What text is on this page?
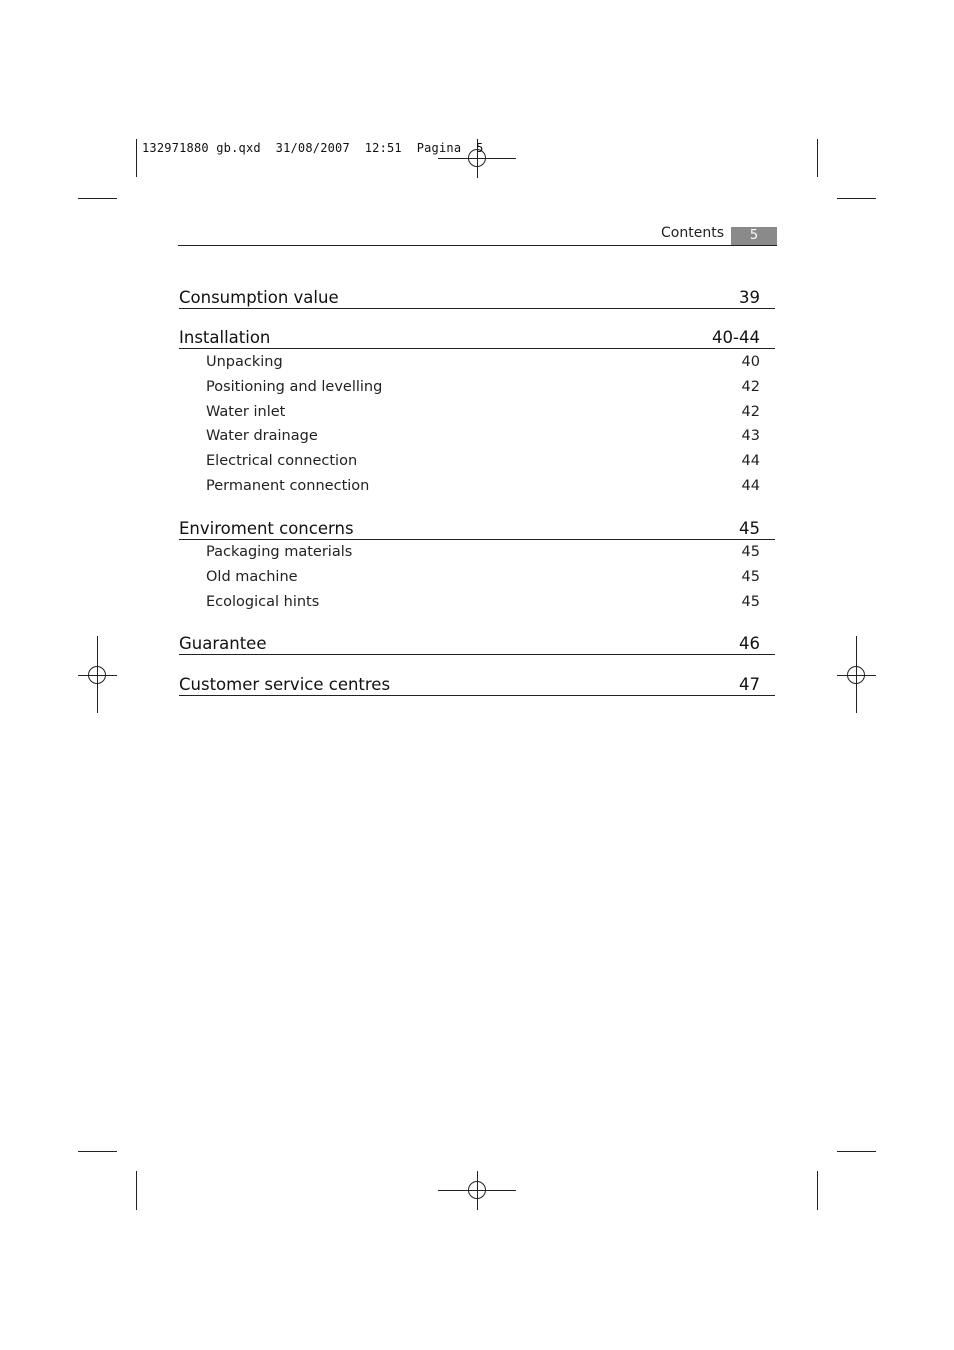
132971880 gb.qxd  31/08/2007  12:51  Pagina  5
Contents	5
Consumption value	39
Installation	40-44
Unpacking	40
Positioning and levelling	42
Water inlet	42
Water drainage	43
Electrical connection	44
Permanent connection	44
Enviroment concerns	45
Packaging materials	45
Old machine	45
Ecological hints	45
Guarantee	46
Customer service centres	47
